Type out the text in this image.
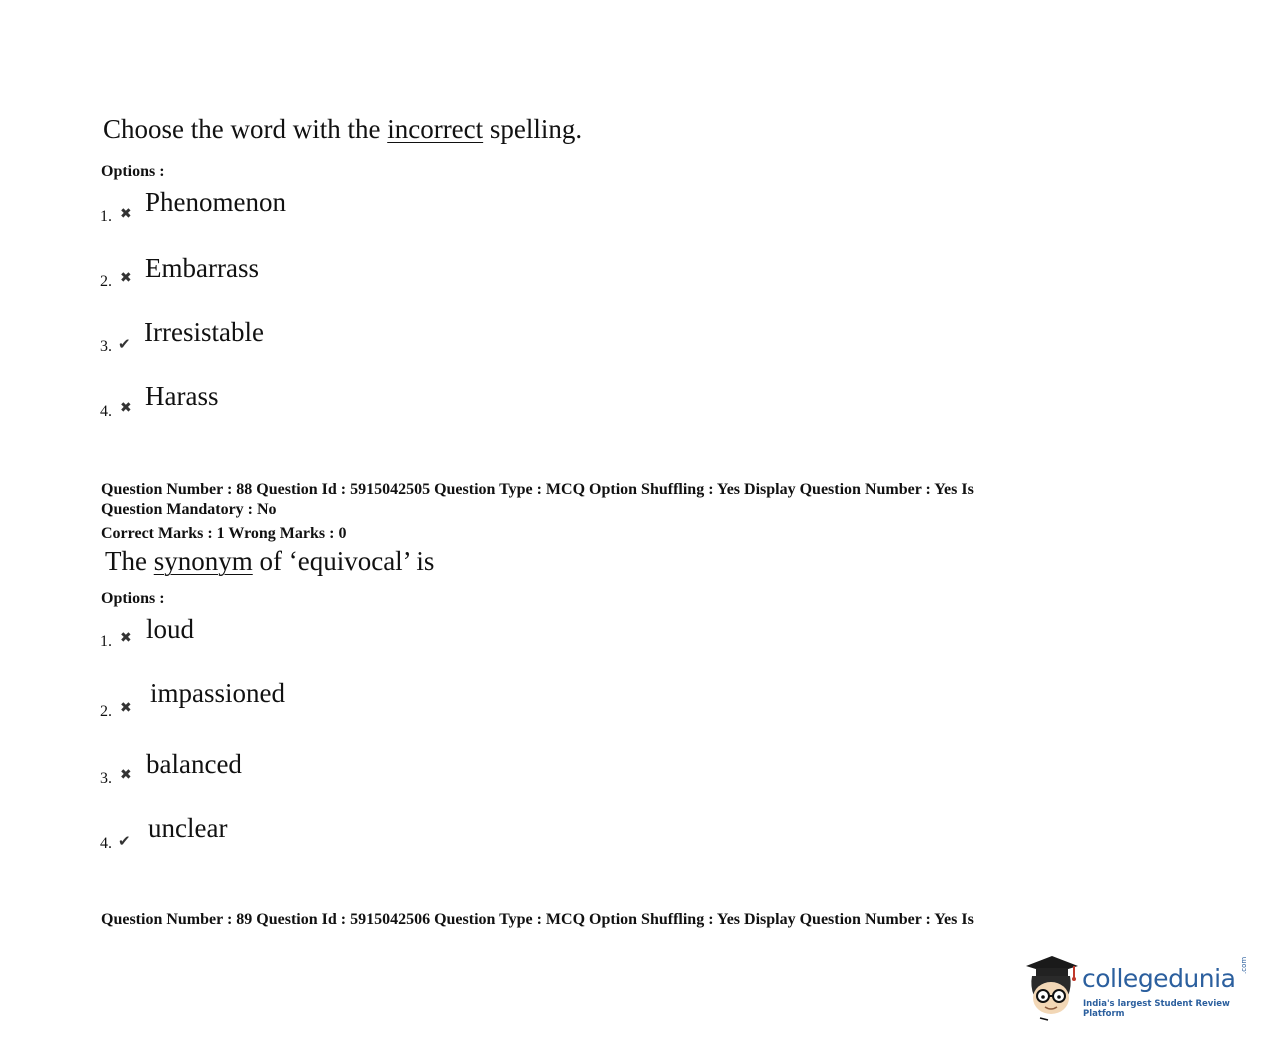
Choose the word with the incorrect spelling.
Options :
1. ✖ Phenomenon
2. ✖ Embarrass
3. ✔ Irresistable
4. ✖ Harass
Question Number : 88 Question Id : 5915042505 Question Type : MCQ Option Shuffling : Yes Display Question Number : Yes Is
Question Mandatory : No
Correct Marks : 1 Wrong Marks : 0
The synonym of ‘equivocal’ is
Options :
1. ✖ loud
2. ✖
impassioned
3. ✖ balanced
4. ✔ unclear
Question Number : 89 Question Id : 5915042506 Question Type : MCQ Option Shuffling : Yes Display Question Number : Yes Is
collegedunia .com
India's largest Student Review Platform
